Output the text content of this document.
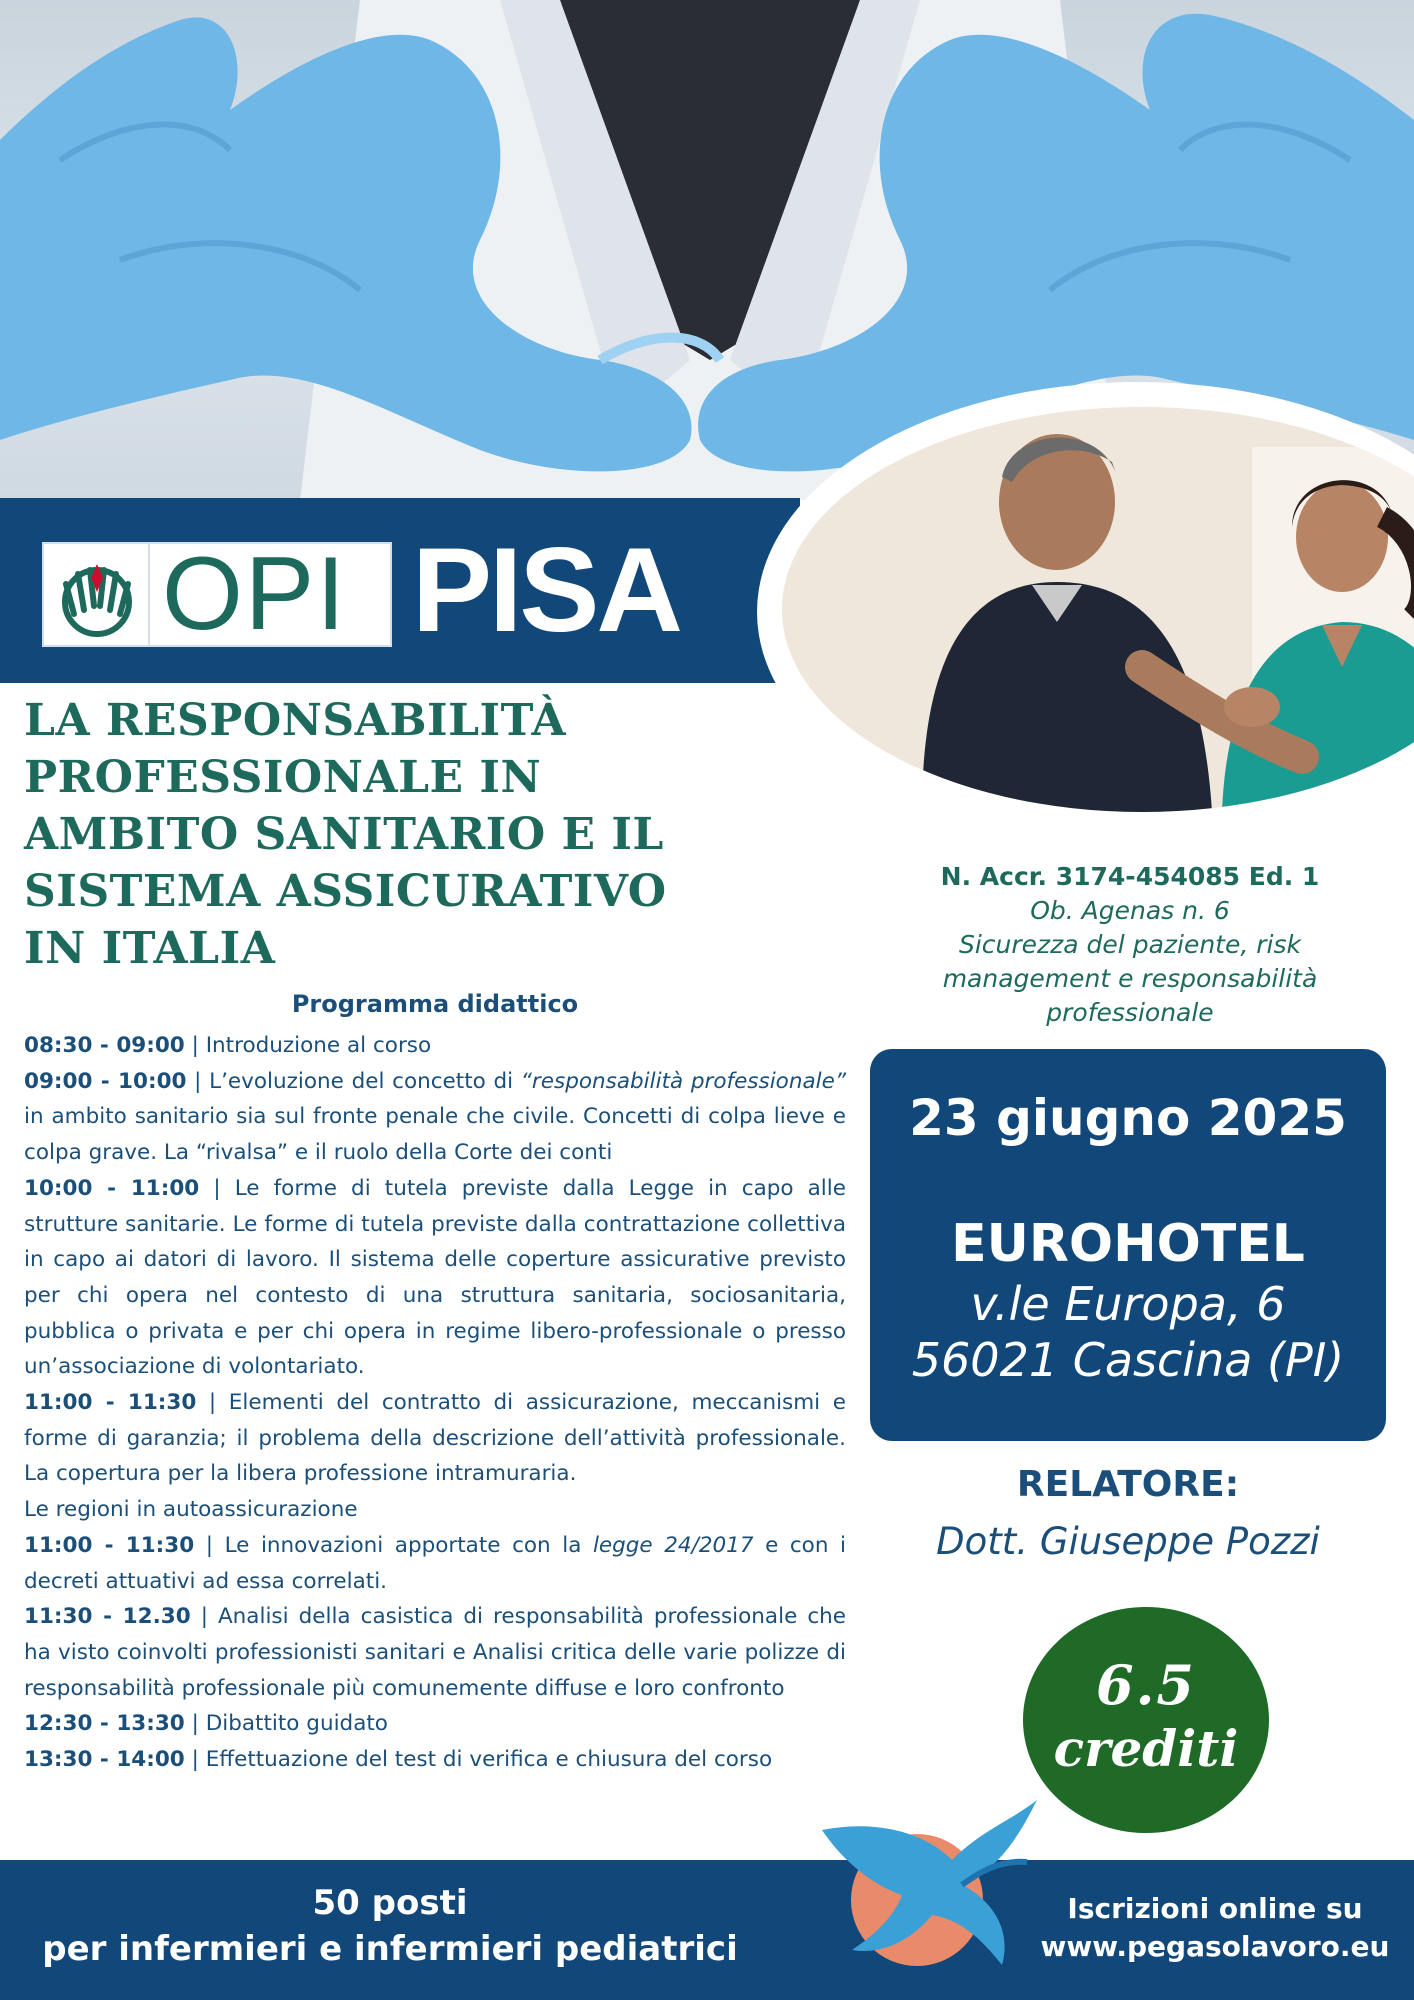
OPI PISA
LA RESPONSABILITÀ
PROFESSIONALE IN
AMBITO SANITARIO E IL
SISTEMA ASSICURATIVO
IN ITALIA
Programma didattico
08:30 - 09:00 | Introduzione al corso
09:00 - 10:00 | L’evoluzione del concetto di “responsabilità professionale” in ambito sanitario sia sul fronte penale che civile. Concetti di colpa lieve e colpa grave. La “rivalsa” e il ruolo della Corte dei conti
10:00 - 11:00 | Le forme di tutela previste dalla Legge in capo alle strutture sanitarie. Le forme di tutela previste dalla contrattazione collettiva in capo ai datori di lavoro. Il sistema delle coperture assicurative previsto per chi opera nel contesto di una struttura sanitaria, sociosanitaria, pubblica o privata e per chi opera in regime libero-professionale o presso un’associazione di volontariato.
11:00 - 11:30 | Elementi del contratto di assicurazione, meccanismi e forme di garanzia; il problema della descrizione dell’attività professionale. La copertura per la libera professione intramuraria.
Le regioni in autoassicurazione
11:00 - 11:30 | Le innovazioni apportate con la legge 24/2017 e con i decreti attuativi ad essa correlati.
11:30 - 12.30 | Analisi della casistica di responsabilità professionale che ha visto coinvolti professionisti sanitari e Analisi critica delle varie polizze di responsabilità professionale più comunemente diffuse e loro confronto
12:30 - 13:30 | Dibattito guidato
13:30 - 14:00 | Effettuazione del test di verifica e chiusura del corso
N. Accr. 3174-454085 Ed. 1
Ob. Agenas n. 6
Sicurezza del paziente, risk
management e responsabilità
professionale
23 giugno 2025
EUROHOTEL
v.le Europa, 6
56021 Cascina (PI)
RELATORE:
Dott. Giuseppe Pozzi
6.5
crediti
50 posti
per infermieri e infermieri pediatrici
Iscrizioni online su
www.pegasolavoro.eu
